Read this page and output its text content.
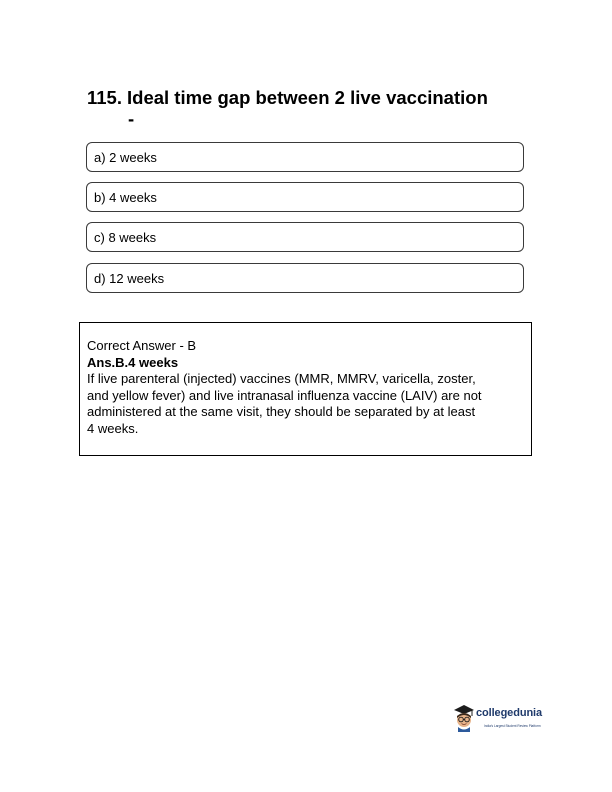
115. Ideal time gap between 2 live vaccination
-
a) 2 weeks
b) 4 weeks
c) 8 weeks
d) 12 weeks
Correct Answer - B
Ans.B.4 weeks
If live parenteral (injected) vaccines (MMR, MMRV, varicella, zoster,
and yellow fever) and live intranasal influenza vaccine (LAIV) are not
administered at the same visit, they should be separated by at least
4 weeks.
collegedunia
India's Largest Student Review Platform
